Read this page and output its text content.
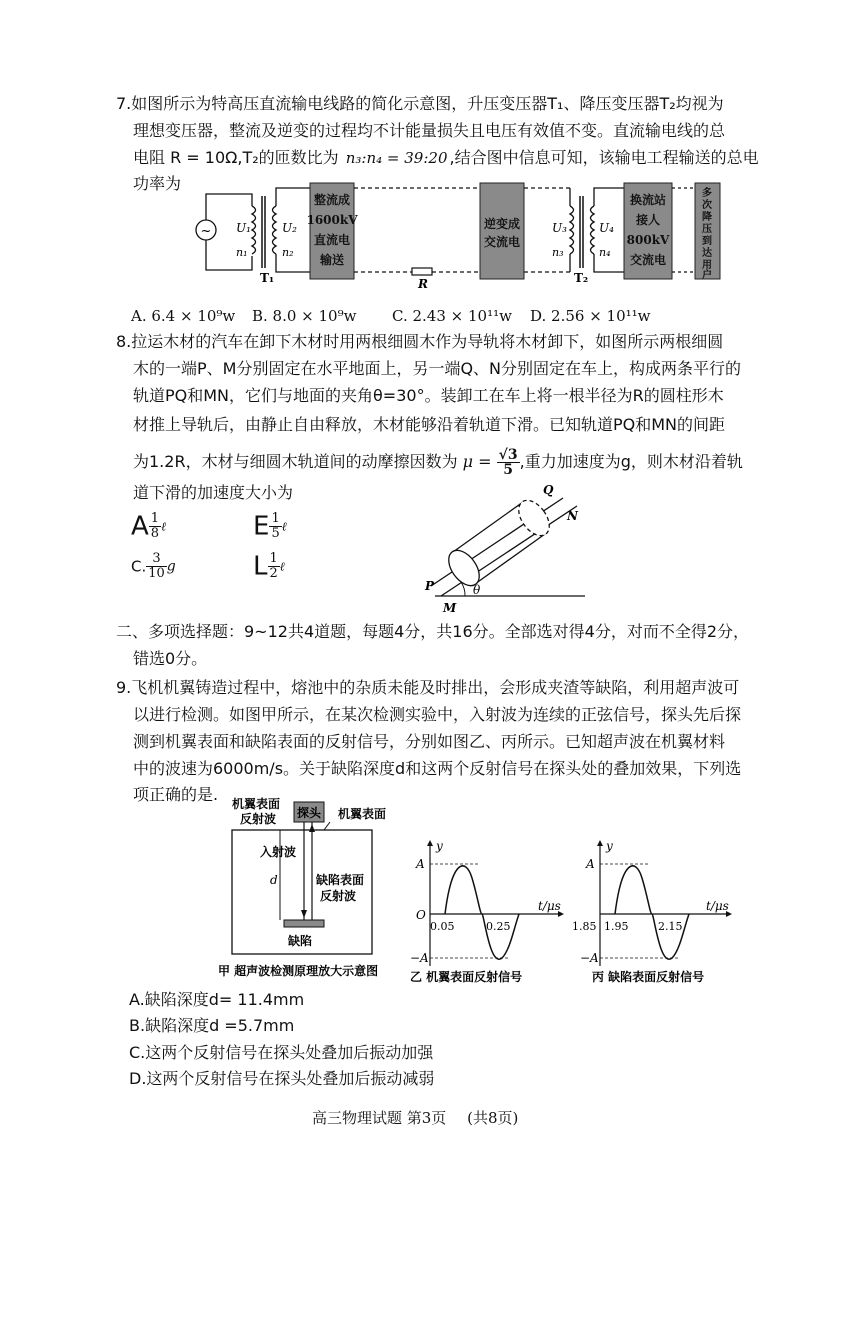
7.如图所示为特高压直流输电线路的简化示意图，升压变压器T₁、降压变压器T₂均视为
理想变压器，整流及逆变的过程均不计能量损失且电压有效值不变。直流输电线的总
电阻 R = 10Ω,T₂的匝数比为 n₃:n₄ = 39:20 ,结合图中信息可知，该输电工程输送的总电
功率为
~ U₁
n₁
U₂
n₂
T₁
整流成
1600kV
直流电
输送
R
逆变成
交流电
U₃
n₃
U₄
n₄
T₂
换流站
接人
800kV
交流电
多
次
降
压
到
达
用
户
A. 6.4 × 10⁹w B. 8.0 × 10⁹w C. 2.43 × 10¹¹w D. 2.56 × 10¹¹w
8.拉运木材的汽车在卸下木材时用两根细圆木作为导轨将木材卸下，如图所示两根细圆
木的一端P、M分别固定在水平地面上，另一端Q、N分别固定在车上，构成两条平行的
轨道PQ和MN，它们与地面的夹角θ=30°。装卸工在车上将一根半径为R的圆柱形木
材推上导轨后，由静止自由释放，木材能够沿着轨道下滑。已知轨道PQ和MN的间距
为1.2R，木材与细圆木轨道间的动摩擦因数为 $\mu = \frac{√3}{5}$ ,重力加速度为g，则木材沿着轨
道下滑的加速度大小为
A $\frac{1}{8}$ ℓ	E $\frac{1}{5}$ ℓ
C. $\frac{3}{10}$ g	L $\frac{1}{2}$ ℓ
θ
P
M
Q
N
二、多项选择题：9~12共4道题，每题4分，共16分。全部选对得4分，对而不全得2分，
错选0分。
9.飞机机翼铸造过程中，熔池中的杂质未能及时排出，会形成夹渣等缺陷，利用超声波可
以进行检测。如图甲所示，在某次检测实验中，入射波为连续的正弦信号，探头先后探
测到机翼表面和缺陷表面的反射信号，分别如图乙、丙所示。已知超声波在机翼材料
中的波速为6000m/s。关于缺陷深度d和这两个反射信号在探头处的叠加效果，下列选
项正确的是. 机翼表面
反射波 探头 机翼表面
入射波
d	缺陷表面
反射波
缺陷
甲 超声波检测原理放大示意图
y
t/μs
A
−A
O
0.05	0.25
乙 机翼表面反射信号
y
t/μs
A
−A
1.85 1.95	2.15
丙 缺陷表面反射信号
A.缺陷深度d= 11.4mm
B.缺陷深度d =5.7mm
C.这两个反射信号在探头处叠加后振动加强
D.这两个反射信号在探头处叠加后振动减弱
高三物理试题 第3页 (共8页)
